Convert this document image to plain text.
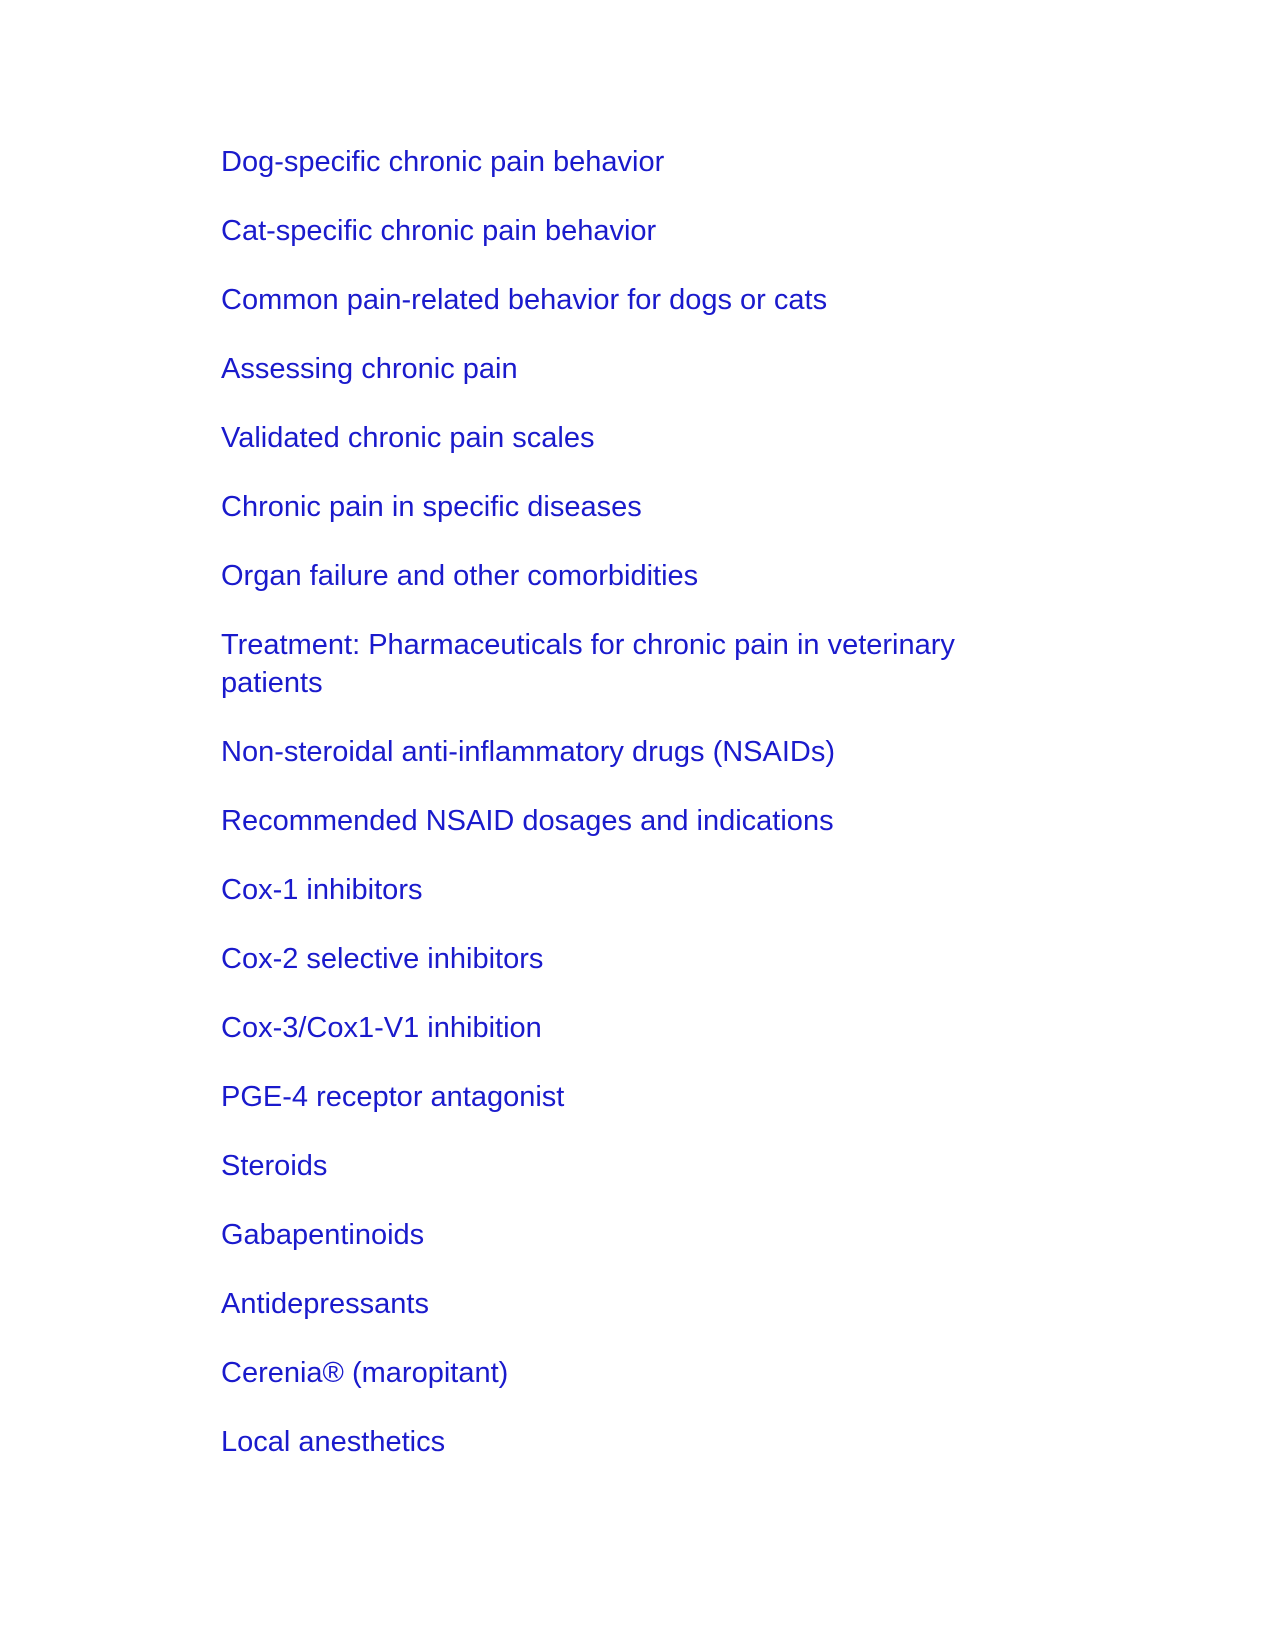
Dog-specific chronic pain behavior
Cat-specific chronic pain behavior
Common pain-related behavior for dogs or cats
Assessing chronic pain
Validated chronic pain scales
Chronic pain in specific diseases
Organ failure and other comorbidities
Treatment: Pharmaceuticals for chronic pain in veterinary patients
Non-steroidal anti-inflammatory drugs (NSAIDs)
Recommended NSAID dosages and indications
Cox-1 inhibitors
Cox-2 selective inhibitors
Cox-3/Cox1-V1 inhibition
PGE-4 receptor antagonist
Steroids
Gabapentinoids
Antidepressants
Cerenia® (maropitant)
Local anesthetics
